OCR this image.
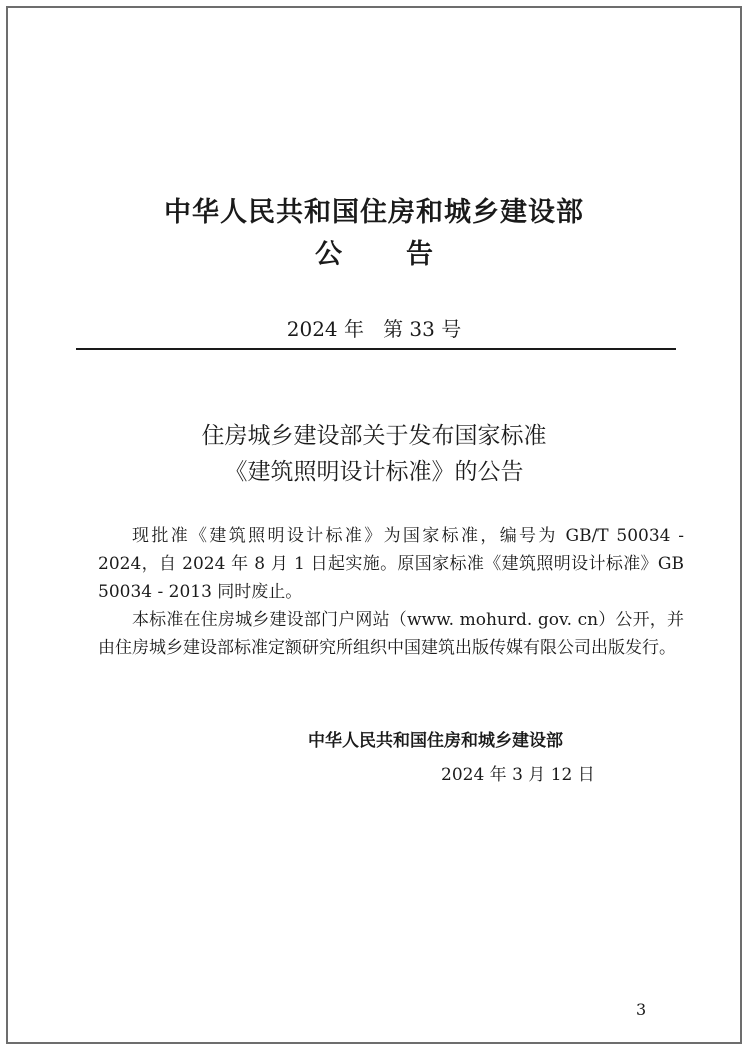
中华人民共和国住房和城乡建设部
公 告
2024 年   第 33 号
住房城乡建设部关于发布国家标准
《建筑照明设计标准》的公告

现批准《建筑照明设计标准》为国家标准，编号为 GB/T 50034 - 2024，自 2024 年 8 月 1 日起实施。原国家标准《建筑照明设计标准》GB 50034 - 2013 同时废止。

本标准在住房城乡建设部门户网站（www. mohurd. gov. cn）公开，并由住房城乡建设部标准定额研究所组织中国建筑出版传媒有限公司出版发行。

中华人民共和国住房和城乡建设部
2024 年 3 月 12 日
3
